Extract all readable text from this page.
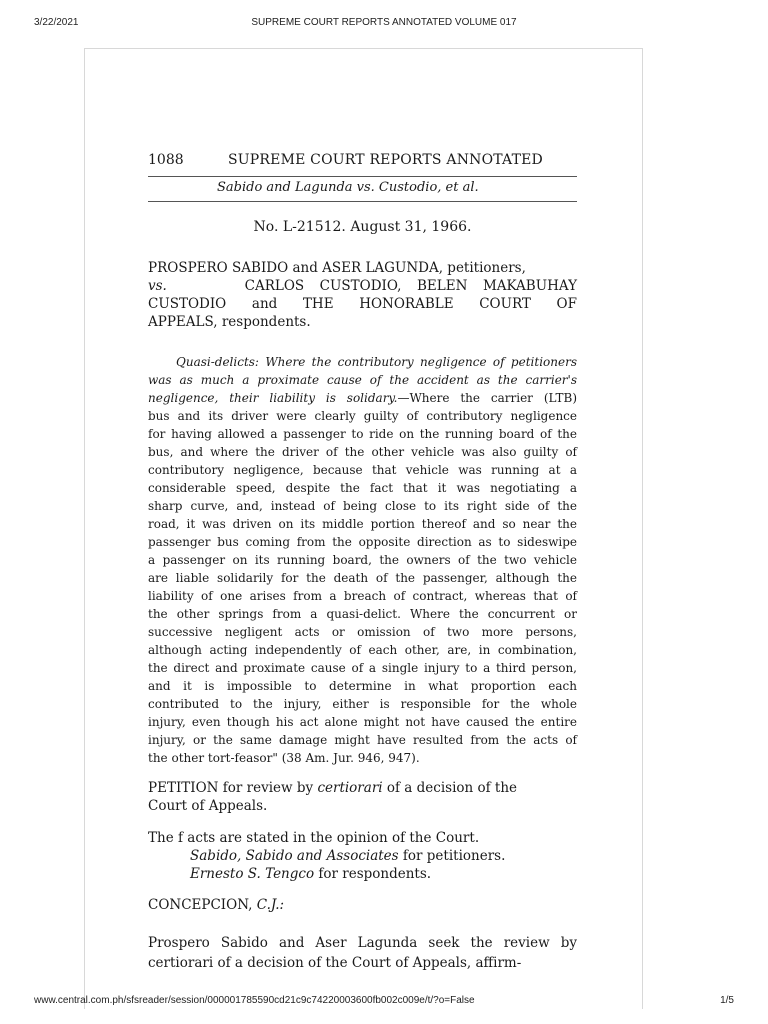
3/22/2021	SUPREME COURT REPORTS ANNOTATED VOLUME 017
1088	SUPREME COURT REPORTS ANNOTATED
Sabido and Lagunda vs. Custodio, et al.
No. L-21512. August 31, 1966.
PROSPERO SABIDO and ASER LAGUNDA, petitioners,
vs.	CARLOS CUSTODIO, BELEN MAKABUHAY
CUSTODIO and THE HONORABLE COURT OF
APPEALS, respondents.
Quasi-delicts: Where the contributory negligence of petitioners
was as much a proximate cause of the accident as the carrier's
negligence, their liability is solidary.—Where the carrier (LTB)
bus and its driver were clearly guilty of contributory negligence
for having allowed a passenger to ride on the running board of the
bus, and where the driver of the other vehicle was also guilty of
contributory negligence, because that vehicle was running at a
considerable speed, despite the fact that it was negotiating a
sharp curve, and, instead of being close to its right side of the
road, it was driven on its middle portion thereof and so near the
passenger bus coming from the opposite direction as to sideswipe
a passenger on its running board, the owners of the two vehicle
are liable solidarily for the death of the passenger, although the
liability of one arises from a breach of contract, whereas that of
the other springs from a quasi-delict. Where the concurrent or
successive negligent acts or omission of two more persons,
although acting independently of each other, are, in combination,
the direct and proximate cause of a single injury to a third person,
and it is impossible to determine in what proportion each
contributed to the injury, either is responsible for the whole
injury, even though his act alone might not have caused the entire
injury, or the same damage might have resulted from the acts of
the other tort-feasor" (38 Am. Jur. 946, 947).
PETITION for review by certiorari of a decision of the
Court of Appeals.
The f acts are stated in the opinion of the Court.

Sabido, Sabido and Associates for petitioners.
Ernesto S. Tengco for respondents.
CONCEPCION, C.J.:
Prospero Sabido and Aser Lagunda seek the review by
certiorari of a decision of the Court of Appeals, affirm-
www.central.com.ph/sfsreader/session/000001785590cd21c9c74220003600fb002c009e/t/?o=False	1/5
